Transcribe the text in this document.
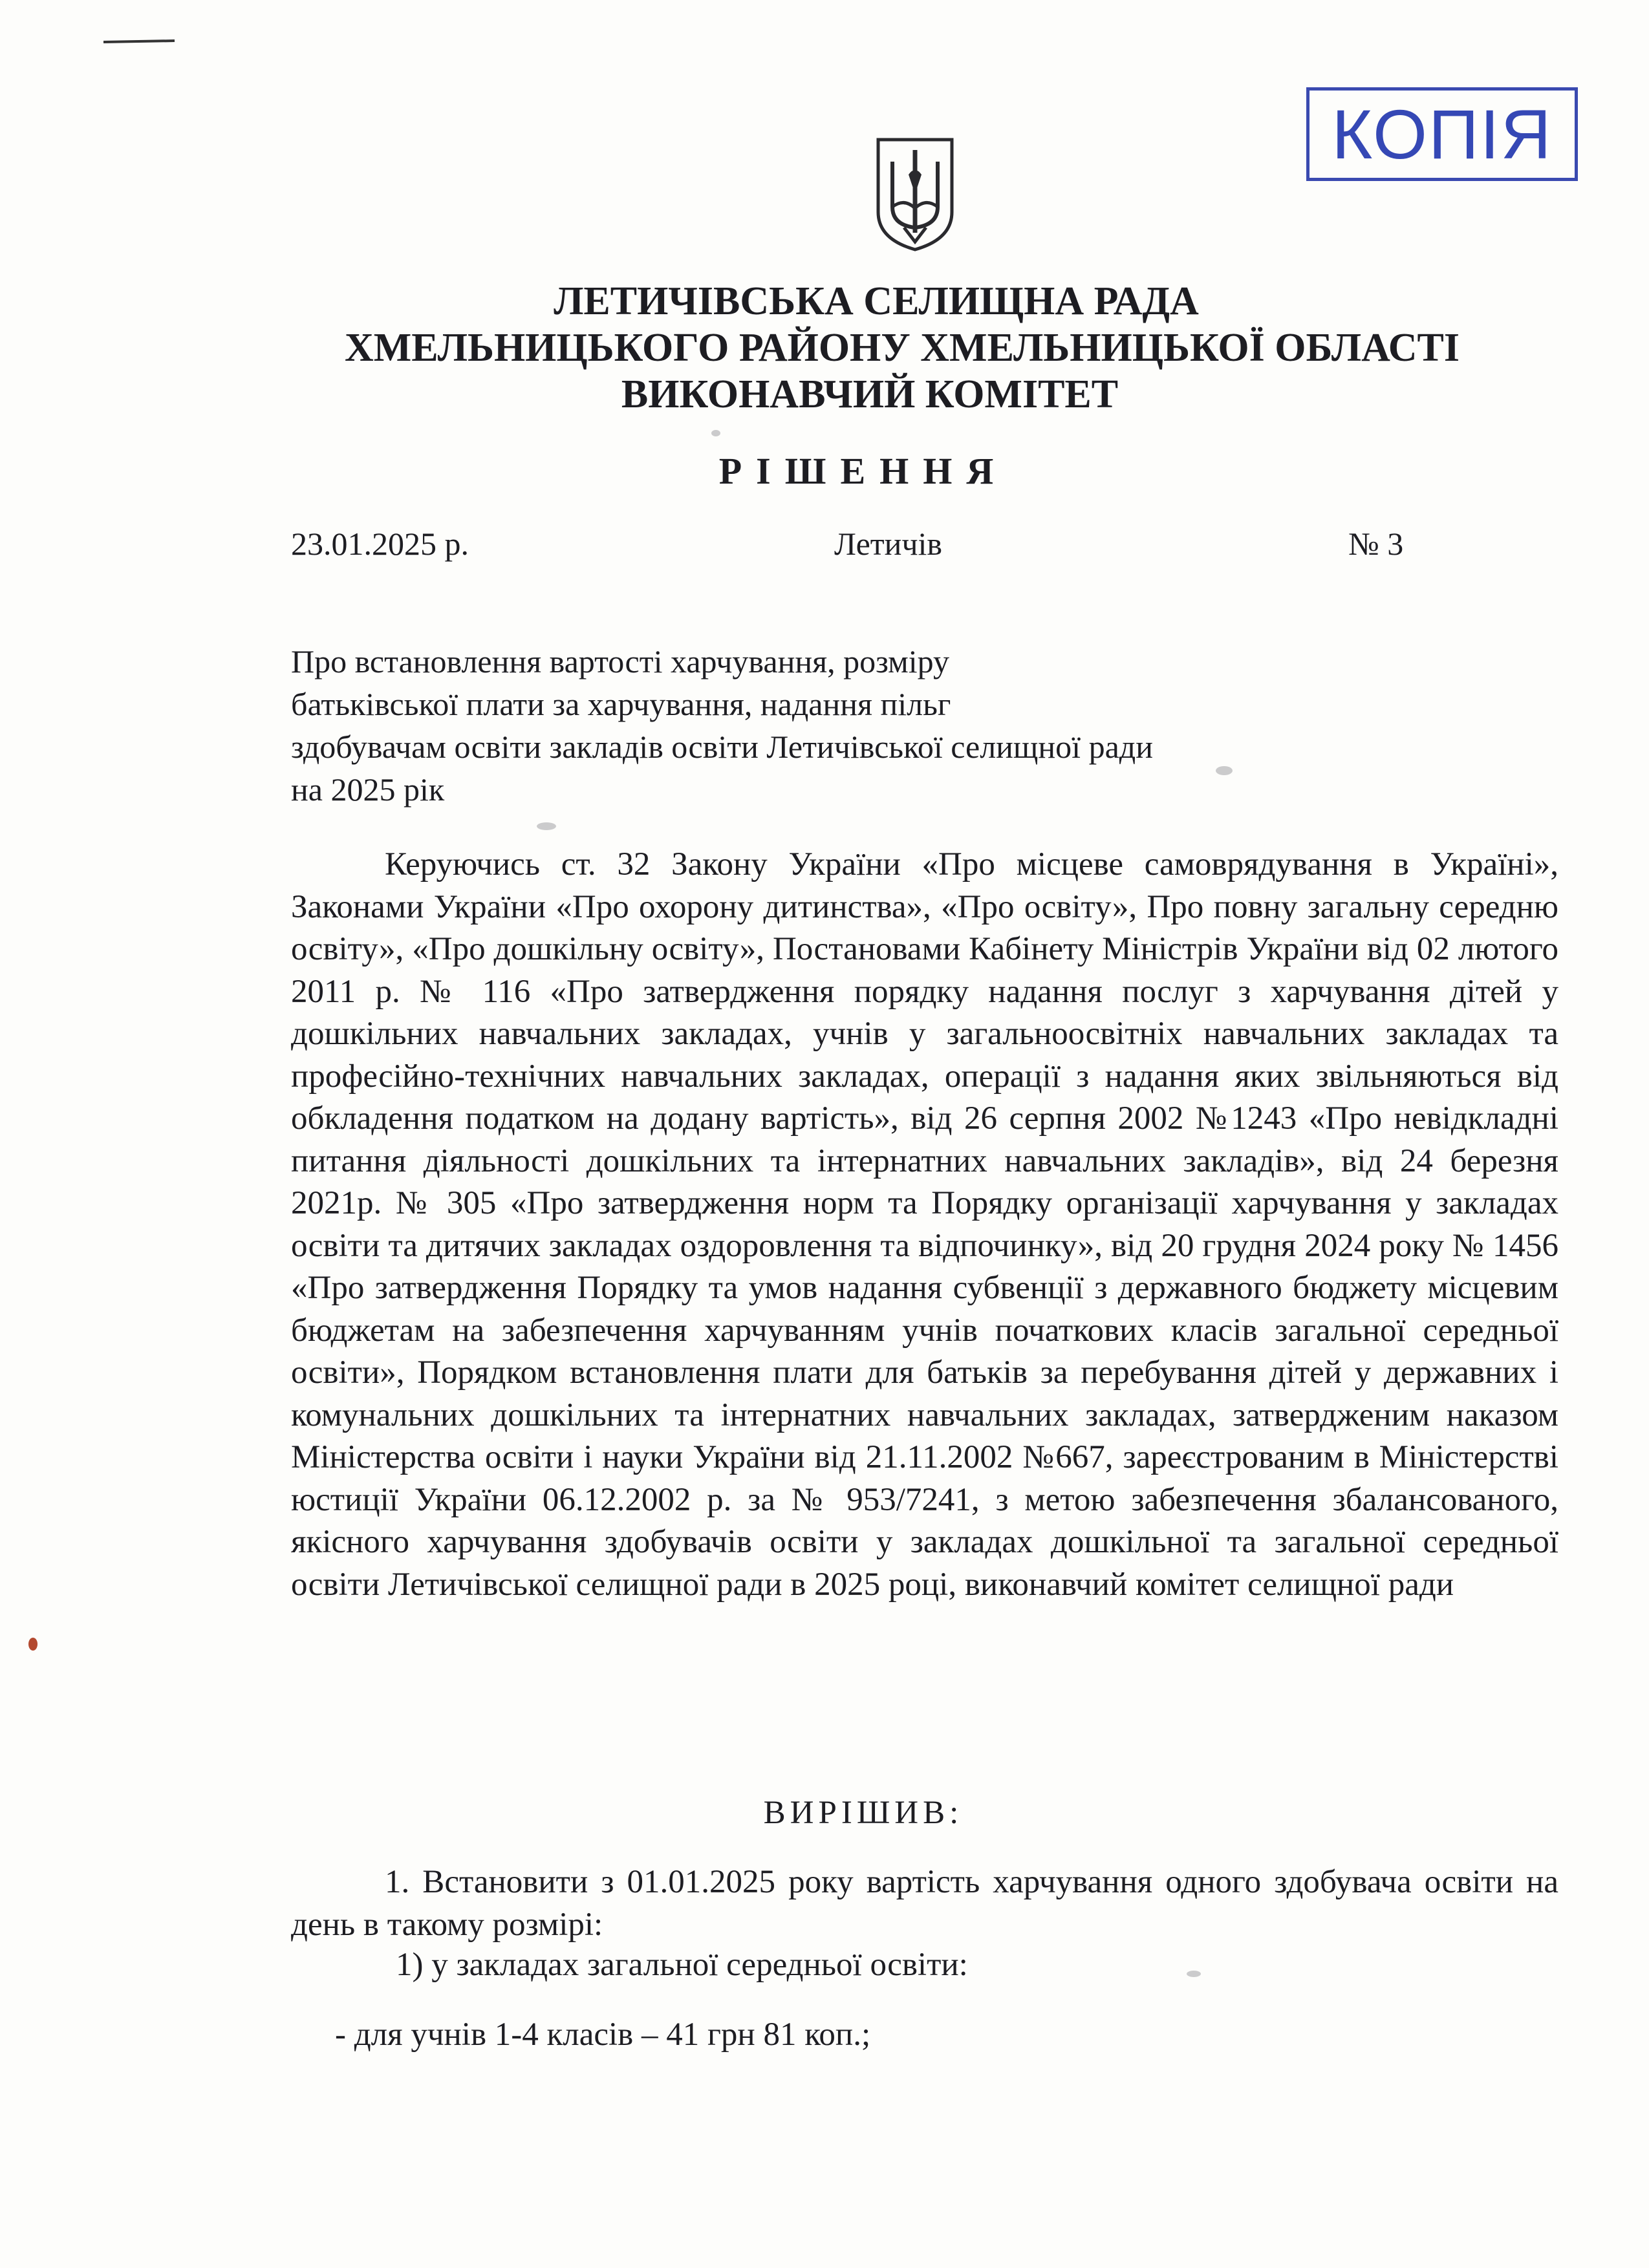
КОПІЯ
ЛЕТИЧІВСЬКА СЕЛИЩНА РАДА
ХМЕЛЬНИЦЬКОГО РАЙОНУ ХМЕЛЬНИЦЬКОЇ ОБЛАСТІ
ВИКОНАВЧИЙ КОМІТЕТ
РІШЕННЯ
23.01.2025 р.	Летичів	№ 3
Про встановлення вартості харчування, розміру
батьківської плати за харчування, надання пільг
здобувачам освіти закладів освіти Летичівської селищної ради
на 2025 рік
Керуючись ст. 32 Закону України «Про місцеве самоврядування в Україні», Законами України «Про охорону дитинства», «Про освіту», Про повну загальну середню освіту», «Про дошкільну освіту», Постановами Кабінету Міністрів України від 02 лютого 2011 р. № 116 «Про затвердження порядку надання послуг з харчування дітей у дошкільних навчальних закладах, учнів у загальноосвітніх навчальних закладах та професійно-технічних навчальних закладах, операції з надання яких звільняються від обкладення податком на додану вартість», від 26 серпня 2002 №1243 «Про невідкладні питання діяльності дошкільних та інтернатних навчальних закладів», від 24 березня 2021р. № 305 «Про затвердження норм та Порядку організації харчування у закладах освіти та дитячих закладах оздоровлення та відпочинку», від 20 грудня 2024 року № 1456 «Про затвердження Порядку та умов надання субвенції з державного бюджету місцевим бюджетам на забезпечення харчуванням учнів початкових класів загальної середньої освіти», Порядком встановлення плати для батьків за перебування дітей у державних і комунальних дошкільних та інтернатних навчальних закладах, затвердженим наказом Міністерства освіти і науки України від 21.11.2002 №667, зареєстрованим в Міністерстві юстиції України 06.12.2002 р. за № 953/7241, з метою забезпечення збалансованого, якісного харчування здобувачів освіти у закладах дошкільної та загальної середньої освіти Летичівської селищної ради в 2025 році, виконавчий комітет селищної ради
ВИРІШИВ:
1. Встановити з 01.01.2025 року вартість харчування одного здобувача освіти на день в такому розмірі:
1) у закладах загальної середньої освіти:
- для учнів 1-4 класів – 41 грн 81 коп.;
